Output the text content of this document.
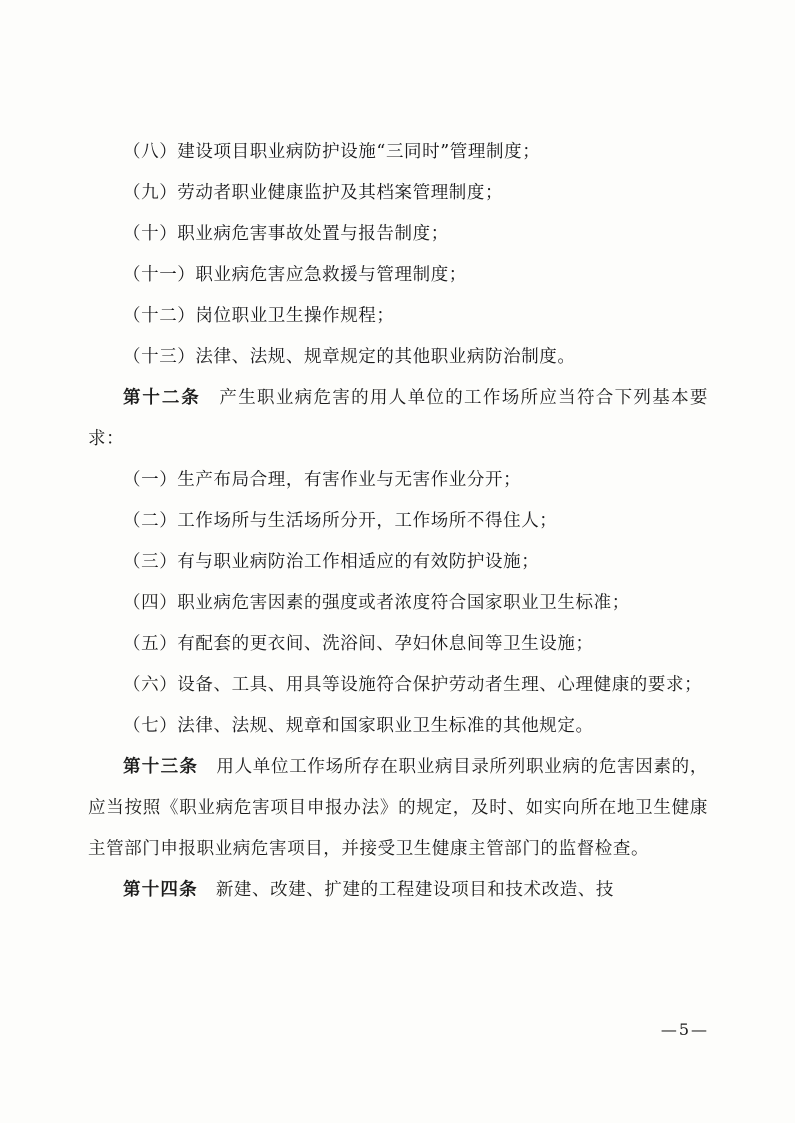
（八）建设项目职业病防护设施“三同时”管理制度；
（九）劳动者职业健康监护及其档案管理制度；
（十）职业病危害事故处置与报告制度；
（十一）职业病危害应急救援与管理制度；
（十二）岗位职业卫生操作规程；
（十三）法律、法规、规章规定的其他职业病防治制度。
第十二条 产生职业病危害的用人单位的工作场所应当符合下列基本要求：
（一）生产布局合理，有害作业与无害作业分开；
（二）工作场所与生活场所分开，工作场所不得住人；
（三）有与职业病防治工作相适应的有效防护设施；
（四）职业病危害因素的强度或者浓度符合国家职业卫生标准；
（五）有配套的更衣间、洗浴间、孕妇休息间等卫生设施；
（六）设备、工具、用具等设施符合保护劳动者生理、心理健康的要求；
（七）法律、法规、规章和国家职业卫生标准的其他规定。
第十三条 用人单位工作场所存在职业病目录所列职业病的危害因素的，应当按照《职业病危害项目申报办法》的规定，及时、如实向所在地卫生健康主管部门申报职业病危害项目，并接受卫生健康主管部门的监督检查。
第十四条 新建、改建、扩建的工程建设项目和技术改造、技
—5—
